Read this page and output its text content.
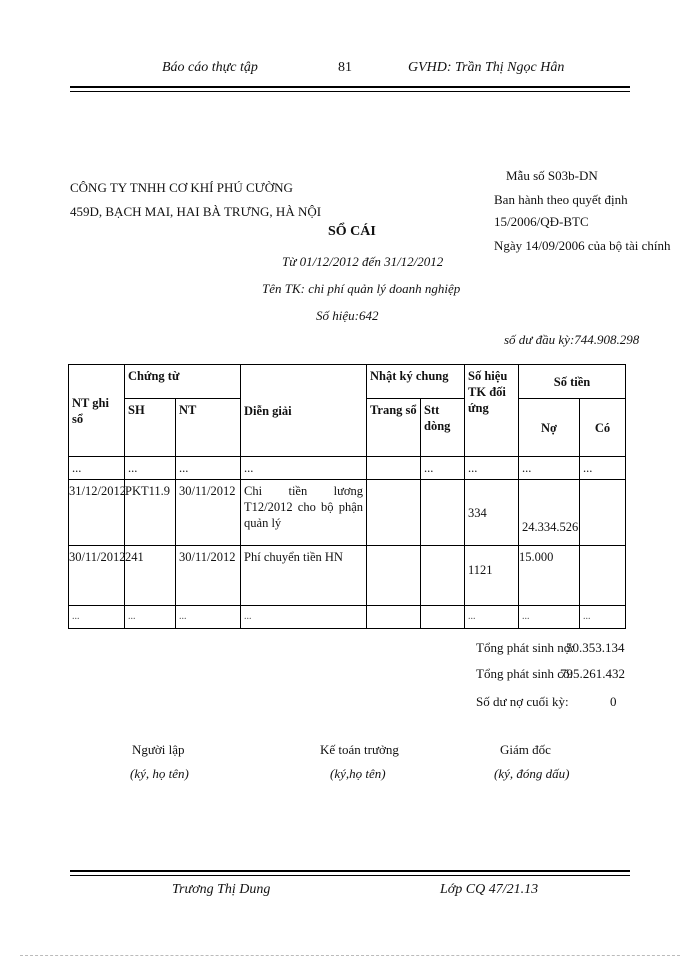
Báo cáo thực tập	81	GVHD: Trần Thị Ngọc Hân
CÔNG TY TNHH CƠ KHÍ PHÚ CƯỜNG
459D, BẠCH MAI, HAI BÀ TRƯNG, HÀ NỘI
Mẫu số S03b-DN
Ban hành theo quyết định
15/2006/QĐ-BTC
Ngày 14/09/2006 của bộ tài chính
SỔ CÁI
Từ 01/12/2012 đến 31/12/2012
Tên TK: chi phí quản lý doanh nghiệp
Số hiệu:642
số dư đầu kỳ:744.908.298
NT ghi sổ	Chứng từ		Diễn giải	Nhật ký chung		Số hiệu TK đối ứng	Số tiền	
	SH	NT		Trang sổ	Stt dòng		Nợ	Có
...	...	...	...		...	...	...	...
31/12/2012	PKT11.9	30/11/2012	Chi tiền lương T12/2012 cho bộ phận quản lý			334	24.334.526	
30/11/2012	241	30/11/2012	Phí chuyển tiền HN			1121	15.000	
...	...	...	...			...	...	...
Tổng phát sinh nợ:
50.353.134
Tổng phát sinh có:
795.261.432
Số dư nợ cuối kỳ:	0
Người lập
(ký, họ tên)
Kế toán trưởng
(ký,họ tên)
Giám đốc
(ký, đóng dấu)
Trương Thị Dung	Lớp CQ 47/21.13
